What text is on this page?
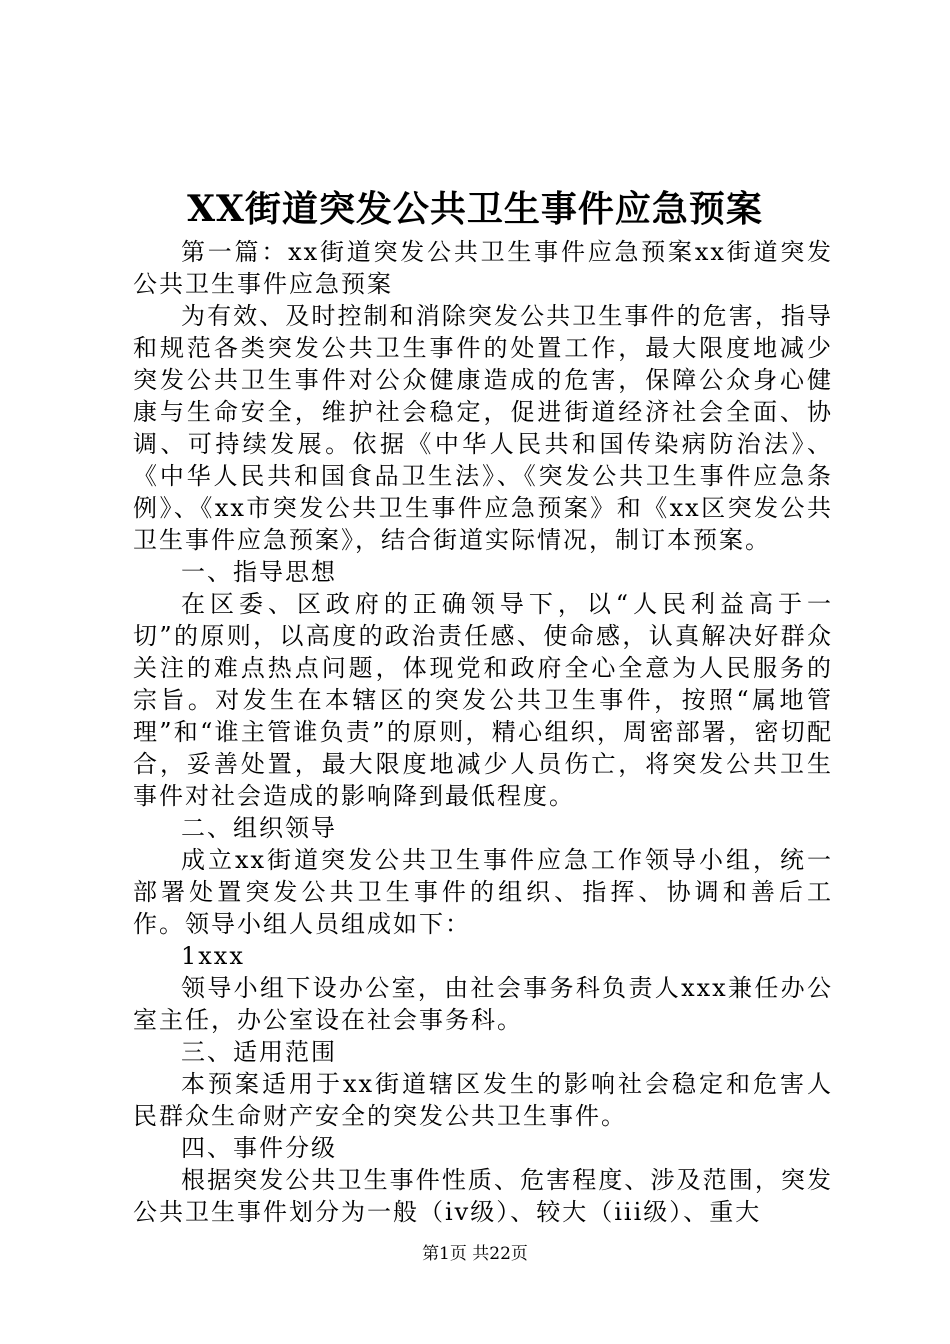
XX街道突发公共卫生事件应急预案

第一篇：xx街道突发公共卫生事件应急预案xx街道突发公共卫生事件应急预案

为有效、及时控制和消除突发公共卫生事件的危害，指导和规范各类突发公共卫生事件的处置工作，最大限度地减少突发公共卫生事件对公众健康造成的危害，保障公众身心健康与生命安全，维护社会稳定，促进街道经济社会全面、协调、可持续发展。依据《中华人民共和国传染病防治法》、《中华人民共和国食品卫生法》、《突发公共卫生事件应急条例》、《xx市突发公共卫生事件应急预案》和《xx区突发公共卫生事件应急预案》，结合街道实际情况，制订本预案。

一、指导思想

在区委、区政府的正确领导下，以“人民利益高于一切”的原则，以高度的政治责任感、使命感，认真解决好群众关注的难点热点问题，体现党和政府全心全意为人民服务的宗旨。对发生在本辖区的突发公共卫生事件，按照“属地管理”和“谁主管谁负责”的原则，精心组织，周密部署，密切配合，妥善处置，最大限度地减少人员伤亡，将突发公共卫生事件对社会造成的影响降到最低程度。

二、组织领导

成立xx街道突发公共卫生事件应急工作领导小组，统一部署处置突发公共卫生事件的组织、指挥、协调和善后工作。领导小组人员组成如下：

1xxx

领导小组下设办公室，由社会事务科负责人xxx兼任办公室主任，办公室设在社会事务科。

三、适用范围

本预案适用于xx街道辖区发生的影响社会稳定和危害人民群众生命财产安全的突发公共卫生事件。

四、事件分级

根据突发公共卫生事件性质、危害程度、涉及范围，突发公共卫生事件划分为一般（iv级）、较大（iii级）、重大

第1页 共22页
